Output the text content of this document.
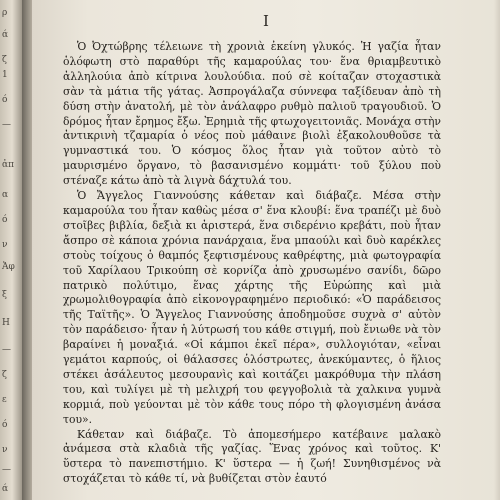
ρ
ά
ζ
1
ό
—
ἀπ
α
ό
ν
Ἀφ
ξ
Η
—
ζ
ε
ό
ν
—
ά
I

Ὁ Ὀχτώβρης τέλειωνε τὴ χρονιὰ ἐκείνη γλυκός. Ἡ γαζία ἦταν ὁλόφωτη στὸ παραθύρι τῆς καμαρούλας του· ἕνα θριαμβευτικὸ ἀλληλούια ἀπὸ κίτρινα λουλούδια. πού σὲ κοίταζαν στοχαστικὰ σὰν τὰ μάτια τῆς γάτας. Ἀσπρογάλαζα σύννεφα ταξίδευαν ἀπὸ τὴ δύση στὴν ἀνατολή, μὲ τὸν ἀνάλαφρο ρυθμὸ παλιοῦ τραγουδιοῦ. Ὁ δρόμος ἦταν ἔρημος ἔξω. Ἐρημιὰ τῆς φτωχογειτονιᾶς. Μονάχα στὴν ἀντικρινὴ τζαμαρία ὁ νέος ποὺ μάθαινε βιολὶ ἐξακολουθοῦσε τὰ γυμναστικά του. Ὁ κόσμος ὅλος ἦταν γιὰ τοῦτον αὐτὸ τὸ μαυρισμένο ὄργανο, τὸ βασανισμένο κομμάτι· τοῦ ξύλου ποὺ στέναζε κάτω ἀπὸ τὰ λιγνὰ δάχτυλά του.

Ὁ Ἄγγελος Γιαννούσης κάθεταν καὶ διάβαζε. Μέσα στὴν καμαρούλα του ἦταν καθὼς μέσα σ' ἕνα κλουβί: ἕνα τραπέζι μὲ δυὸ στοῖβες βιβλία, δεξιὰ κι ἀριστερά, ἕνα σιδερένιο κρεβάτι, ποὺ ἦταν ἄσπρο σὲ κάποια χρόνια πανάρχαια, ἕνα μπαούλι καὶ δυὸ καρέκλες στοὺς τοίχους ὁ θαμπός ξεφτισμένους καθρέφτης, μιὰ φωτογραφία τοῦ Χαρίλαου Τρικούπη σὲ κορνίζα ἀπὸ χρυσωμένο σανίδι, δῶρο πατρικὸ πολύτιμο, ἕνας χάρτης τῆς Εὐρώπης καὶ μιὰ χρωμολιθογραφία ἀπὸ εἰκονογραφημένο περιοδικό: «Ὁ παράδεισος τῆς Ταϊτῆς». Ὁ Ἄγγελος Γιαννούσης ἀποδημοῦσε συχνὰ σ' αὐτὸν τὸν παράδεισο· ἦταν ἡ λύτρωσή του κάθε στιγμή, ποὺ ἔνιωθε νὰ τὸν βαραίνει ἡ μοναξιά. «Οἱ κάμποι ἐκεῖ πέρα», συλλογιόταν, «εἶναι γεμάτοι καρπούς, οἱ θάλασσες ὁλόστρωτες, ἀνεκύμαντες, ὁ ἥλιος στέκει ἀσάλευτος μεσουρανὶς καὶ κοιτάζει μακρόθυμα τὴν πλάση του, καὶ τυλίγει μὲ τὴ μελιχρή του φεγγοβολιὰ τὰ χαλκινα γυμνὰ κορμιά, ποὺ γεύονται μὲ τὸν κάθε τους πόρο τὴ φλογισμένη ἀνάσα του».

Κάθεταν καὶ διάβαζε. Τὸ ἀπομεσήμερο κατέβαινε μαλακὸ ἀνάμεσα στὰ κλαδιὰ τῆς γαζίας. Ἕνας χρόνος καὶ τοῦτος. Κ' ὕστερα τὸ πανεπιστήμιο. Κ' ὕστερα — ἡ ζωή! Συνηθισμένος νὰ στοχάζεται τὸ κάθε τί, νὰ βυθίζεται στὸν ἑαυτό
